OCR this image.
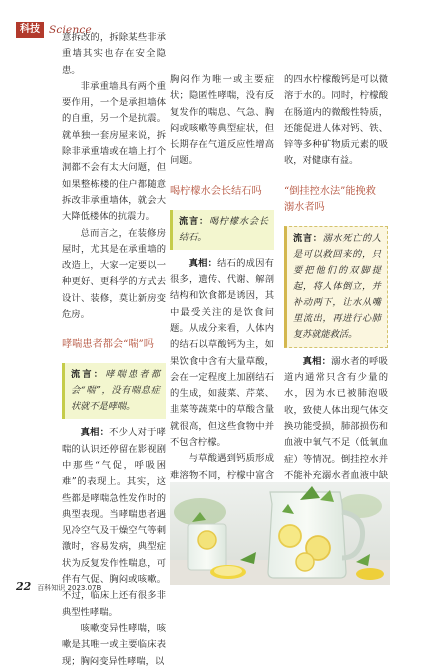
科技 Science

意拆改的，拆除某些非承重墙其实也存在安全隐患。

非承重墙具有两个重要作用，一个是承担墙体的自重，另一个是抗震。就单独一套房屋来说，拆除非承重墙或在墙上打个洞都不会有太大问题，但如果整栋楼的住户都随意拆改非承重墙体，就会大大降低楼体的抗震力。

总而言之，在装修房屋时，尤其是在承重墙的改造上，大家一定要以一种更好、更科学的方式去设计、装修，莫让新房变危房。

哮喘患者都会“喘”吗
流言：哮喘患者都会“喘”，没有喘息症状就不是哮喘。

真相：不少人对于哮喘的认识还停留在影视剧中那些“气促，呼吸困难”的表现上。其实，这些都是哮喘急性发作时的典型表现。当哮喘患者遇见冷空气及干燥空气等刺激时，容易发病，典型症状为反复发作性喘息，可伴有气促、胸闷或咳嗽。不过，临床上还有很多非典型性哮喘。

咳嗽变异性哮喘，咳嗽是其唯一或主要临床表现；胸闷变异性哮喘，以

胸闷作为唯一或主要症状；隐匿性哮喘，没有反复发作的喘息、气急、胸闷或咳嗽等典型症状，但长期存在气道反应性增高问题。

喝柠檬水会长结石吗
流言：喝柠檬水会长结石。

真相：结石的成因有很多，遗传、代谢、解剖结构和饮食都是诱因，其中最受关注的是饮食问题。从成分来看，人体内的结石以草酸钙为主，如果饮食中含有大量草酸，会在一定程度上加剧结石的生成，如菠菜、芹菜、韭菜等蔬菜中的草酸含量就很高，但这些食物中并不包含柠檬。

与草酸遇到钙质形成难溶物不同，柠檬中富含

的四水柠檬酸钙是可以微溶于水的。同时，柠檬酸在肠道内的微酸性特质，还能促进人体对钙、铁、锌等多种矿物质元素的吸收，对健康有益。

“倒挂控水法”能挽救
溺水者吗
流言：溺水死亡的人是可以救回来的，只要把他们的双脚提起，将人体倒立，并补动两下，让水从嘴里流出，再进行心肺复苏就能救活。

真相：溺水者的呼吸道内通常只含有少量的水，因为水已被肺泡吸收，致使人体出现气体交换功能受损，肺部损伤和血液中氧气不足（低氧血症）等情况。倒挂控水并不能补充溺水者血液中缺

22 百科知识 2023.07B
